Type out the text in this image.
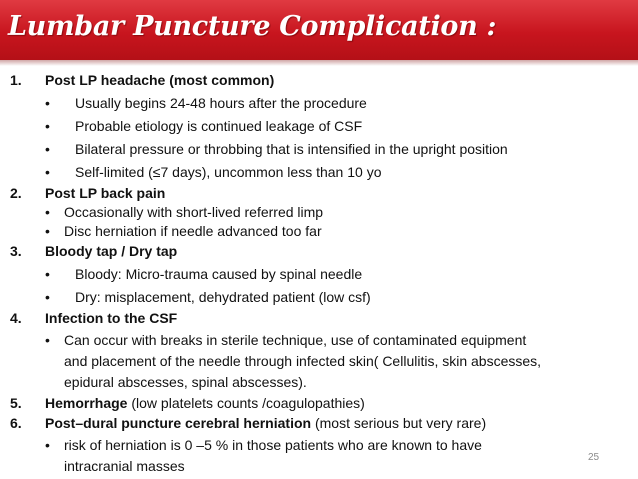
Lumbar Puncture Complication :
1. Post LP headache (most common)
• Usually begins 24-48 hours after the procedure
• Probable etiology is continued leakage of CSF
• Bilateral pressure or throbbing that is intensified in the upright position
• Self-limited (≤7 days), uncommon less than 10 yo
2. Post LP back pain
• Occasionally with short-lived referred limp
• Disc herniation if needle advanced too far
3. Bloody tap / Dry tap
• Bloody: Micro-trauma caused by spinal needle
• Dry: misplacement, dehydrated patient (low csf)
4. Infection to the CSF
• Can occur with breaks in sterile technique, use of contaminated equipment
and placement of the needle through infected skin( Cellulitis, skin abscesses,
epidural abscesses, spinal abscesses).
5. Hemorrhage (low platelets counts /coagulopathies)
6. Post–dural puncture cerebral herniation (most serious but very rare)
• risk of herniation is 0 –5 % in those patients who are known to have
intracranial masses
25
